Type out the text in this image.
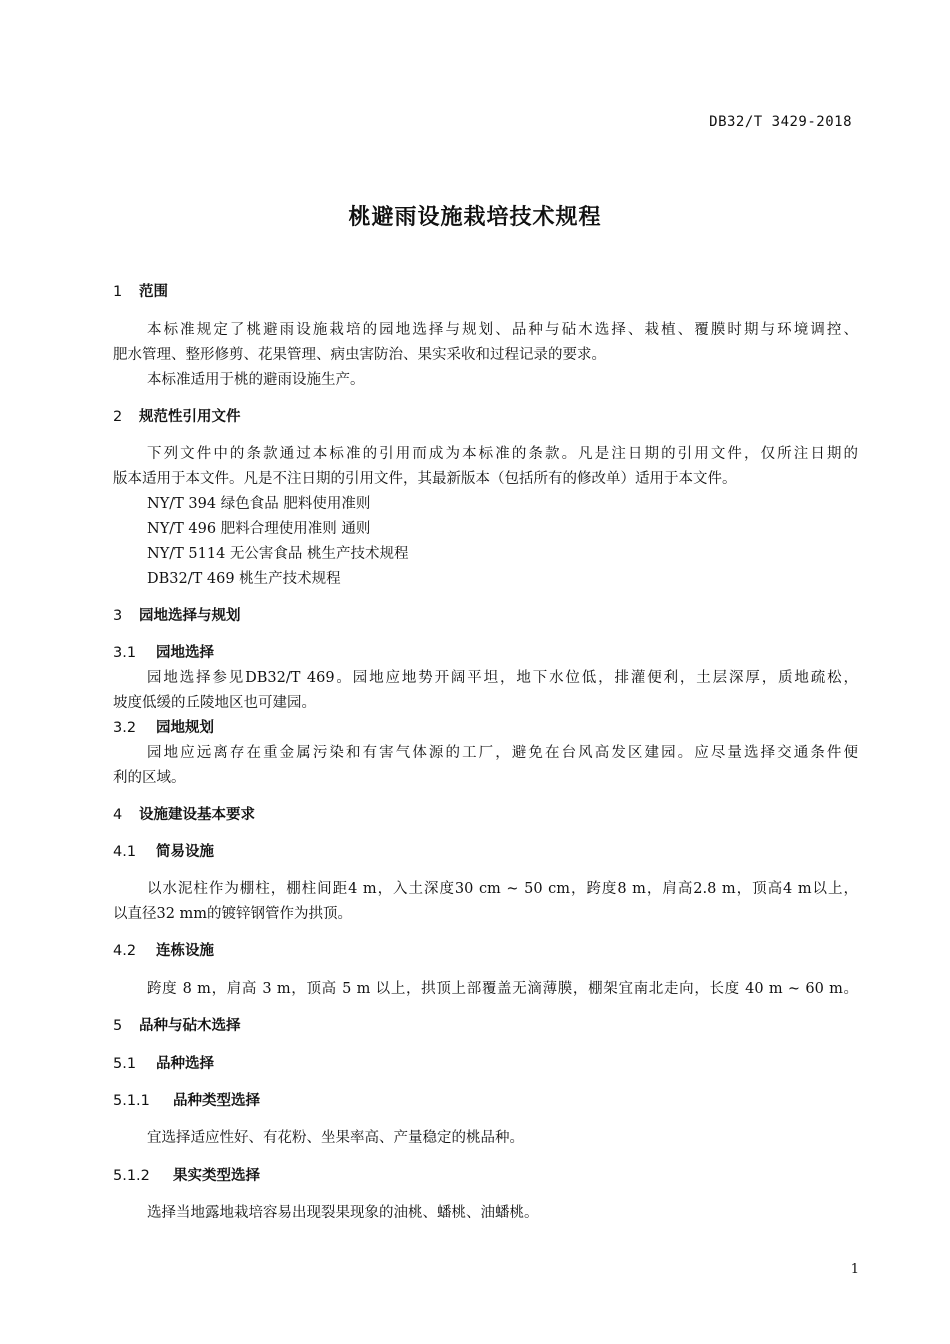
DB32/T 3429-2018
桃避雨设施栽培技术规程
1 范围
本标准规定了桃避雨设施栽培的园地选择与规划、品种与砧木选择、栽植、覆膜时期与环境调控、
肥水管理、整形修剪、花果管理、病虫害防治、果实采收和过程记录的要求。
本标准适用于桃的避雨设施生产。
2 规范性引用文件
下列文件中的条款通过本标准的引用而成为本标准的条款。凡是注日期的引用文件，仅所注日期的
版本适用于本文件。凡是不注日期的引用文件，其最新版本（包括所有的修改单）适用于本文件。
NY/T 394 绿色食品 肥料使用准则
NY/T 496 肥料合理使用准则 通则
NY/T 5114 无公害食品 桃生产技术规程
DB32/T 469 桃生产技术规程
3 园地选择与规划
3.1 园地选择
园地选择参见DB32/T 469。园地应地势开阔平坦，地下水位低，排灌便利，土层深厚，质地疏松，
坡度低缓的丘陵地区也可建园。
3.2 园地规划
园地应远离存在重金属污染和有害气体源的工厂，避免在台风高发区建园。应尽量选择交通条件便
利的区域。
4 设施建设基本要求
4.1 简易设施
以水泥柱作为棚柱，棚柱间距4 m，入土深度30 cm ~ 50 cm，跨度8 m，肩高2.8 m，顶高4 m以上，
以直径32 mm的镀锌钢管作为拱顶。
4.2 连栋设施
跨度 8 m，肩高 3 m，顶高 5 m 以上，拱顶上部覆盖无滴薄膜，棚架宜南北走向，长度 40 m ~ 60 m。
5 品种与砧木选择
5.1 品种选择
5.1.1 品种类型选择
宜选择适应性好、有花粉、坐果率高、产量稳定的桃品种。
5.1.2 果实类型选择
选择当地露地栽培容易出现裂果现象的油桃、蟠桃、油蟠桃。
1
